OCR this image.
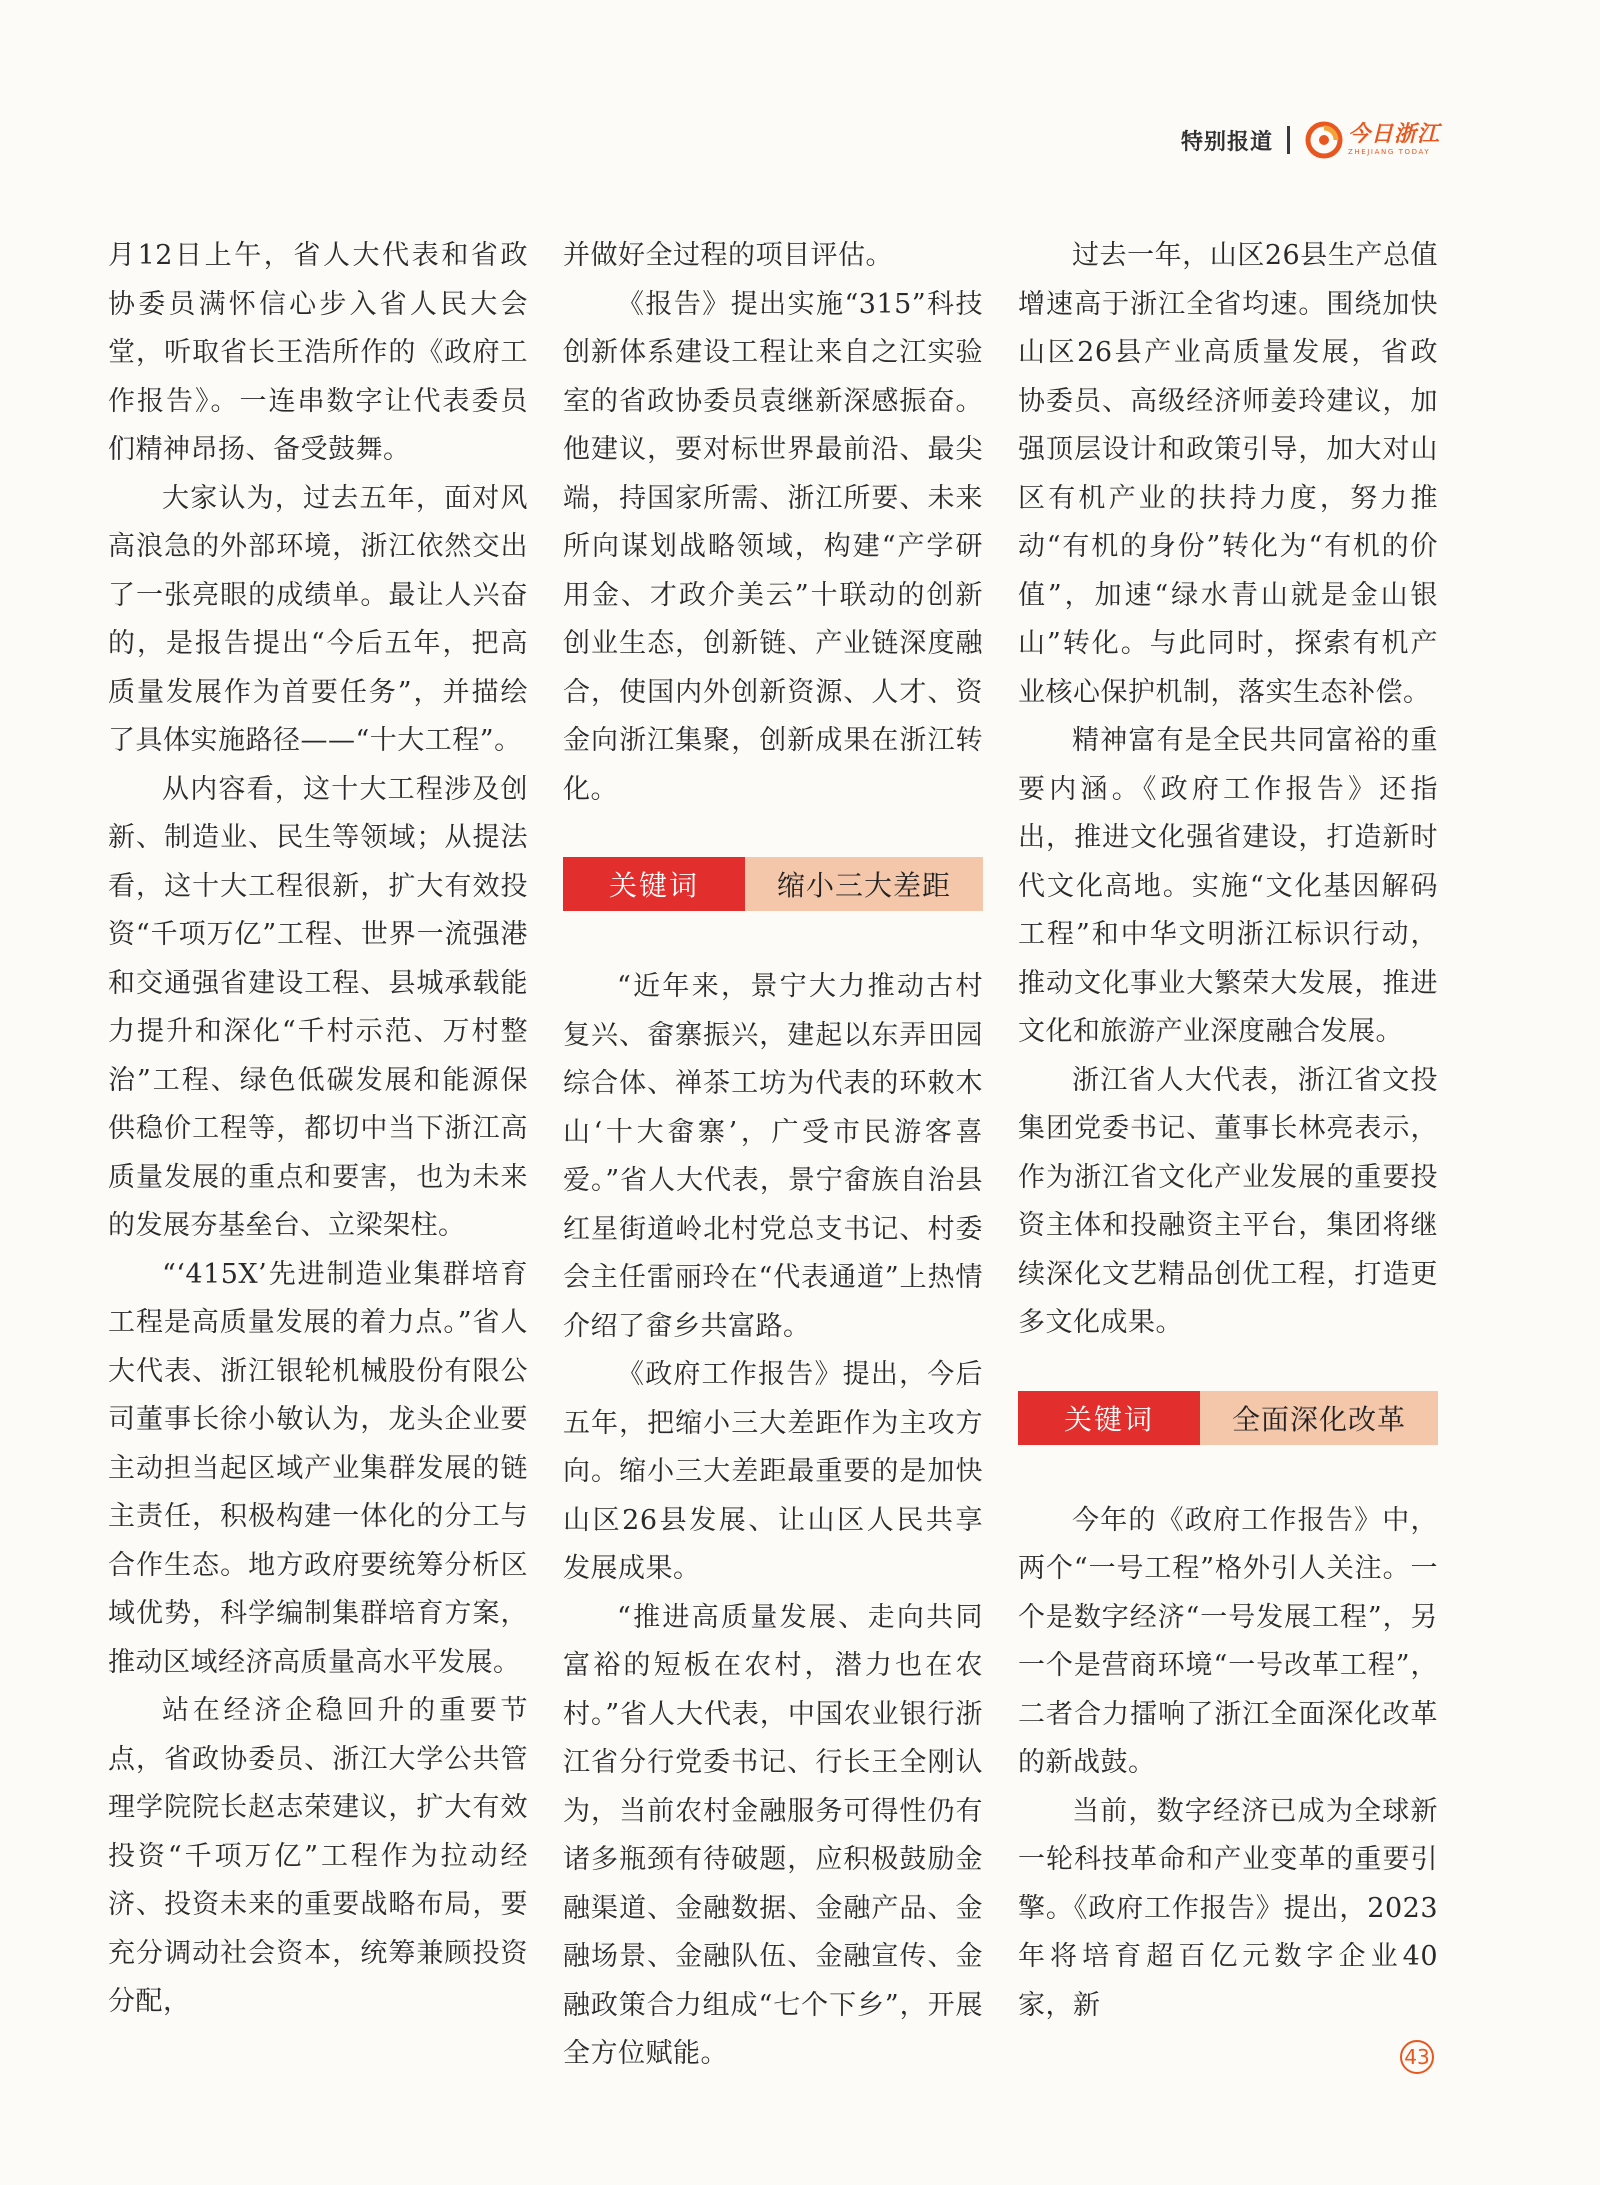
特别报道	今日浙江
ZHEJIANG TODAY

月12日上午，省人大代表和省政协委员满怀信心步入省人民大会堂，听取省长王浩所作的《政府工作报告》。一连串数字让代表委员们精神昂扬、备受鼓舞。

大家认为，过去五年，面对风高浪急的外部环境，浙江依然交出了一张亮眼的成绩单。最让人兴奋的，是报告提出“今后五年，把高质量发展作为首要任务”，并描绘了具体实施路径——“十大工程”。

从内容看，这十大工程涉及创新、制造业、民生等领域；从提法看，这十大工程很新，扩大有效投资“千项万亿”工程、世界一流强港和交通强省建设工程、县城承载能力提升和深化“千村示范、万村整治”工程、绿色低碳发展和能源保供稳价工程等，都切中当下浙江高质量发展的重点和要害，也为未来的发展夯基垒台、立梁架柱。

“‘415X’先进制造业集群培育工程是高质量发展的着力点。”省人大代表、浙江银轮机械股份有限公司董事长徐小敏认为，龙头企业要主动担当起区域产业集群发展的链主责任，积极构建一体化的分工与合作生态。地方政府要统筹分析区域优势，科学编制集群培育方案，推动区域经济高质量高水平发展。

站在经济企稳回升的重要节点，省政协委员、浙江大学公共管理学院院长赵志荣建议，扩大有效投资“千项万亿”工程作为拉动经济、投资未来的重要战略布局，要充分调动社会资本，统筹兼顾投资分配，

并做好全过程的项目评估。

《报告》提出实施“315”科技创新体系建设工程让来自之江实验室的省政协委员袁继新深感振奋。他建议，要对标世界最前沿、最尖端，持国家所需、浙江所要、未来所向谋划战略领域，构建“产学研用金、才政介美云”十联动的创新创业生态，创新链、产业链深度融合，使国内外创新资源、人才、资金向浙江集聚，创新成果在浙江转化。

关键词	缩小三大差距

“近年来，景宁大力推动古村复兴、畲寨振兴，建起以东弄田园综合体、禅茶工坊为代表的环敕木山‘十大畲寨’，广受市民游客喜爱。”省人大代表，景宁畲族自治县红星街道岭北村党总支书记、村委会主任雷丽玲在“代表通道”上热情介绍了畲乡共富路。

《政府工作报告》提出，今后五年，把缩小三大差距作为主攻方向。缩小三大差距最重要的是加快山区26县发展、让山区人民共享发展成果。

“推进高质量发展、走向共同富裕的短板在农村，潜力也在农村。”省人大代表，中国农业银行浙江省分行党委书记、行长王全刚认为，当前农村金融服务可得性仍有诸多瓶颈有待破题，应积极鼓励金融渠道、金融数据、金融产品、金融场景、金融队伍、金融宣传、金融政策合力组成“七个下乡”，开展全方位赋能。

过去一年，山区26县生产总值增速高于浙江全省均速。围绕加快山区26县产业高质量发展，省政协委员、高级经济师姜玲建议，加强顶层设计和政策引导，加大对山区有机产业的扶持力度，努力推动“有机的身份”转化为“有机的价值”，加速“绿水青山就是金山银山”转化。与此同时，探索有机产业核心保护机制，落实生态补偿。

精神富有是全民共同富裕的重要内涵。《政府工作报告》还指出，推进文化强省建设，打造新时代文化高地。实施“文化基因解码工程”和中华文明浙江标识行动，推动文化事业大繁荣大发展，推进文化和旅游产业深度融合发展。

浙江省人大代表，浙江省文投集团党委书记、董事长林亮表示，作为浙江省文化产业发展的重要投资主体和投融资主平台，集团将继续深化文艺精品创优工程，打造更多文化成果。

关键词	全面深化改革

今年的《政府工作报告》中，两个“一号工程”格外引人关注。一个是数字经济“一号发展工程”，另一个是营商环境“一号改革工程”，二者合力擂响了浙江全面深化改革的新战鼓。

当前，数字经济已成为全球新一轮科技革命和产业变革的重要引擎。《政府工作报告》提出，2023年将培育超百亿元数字企业40家，新

43
